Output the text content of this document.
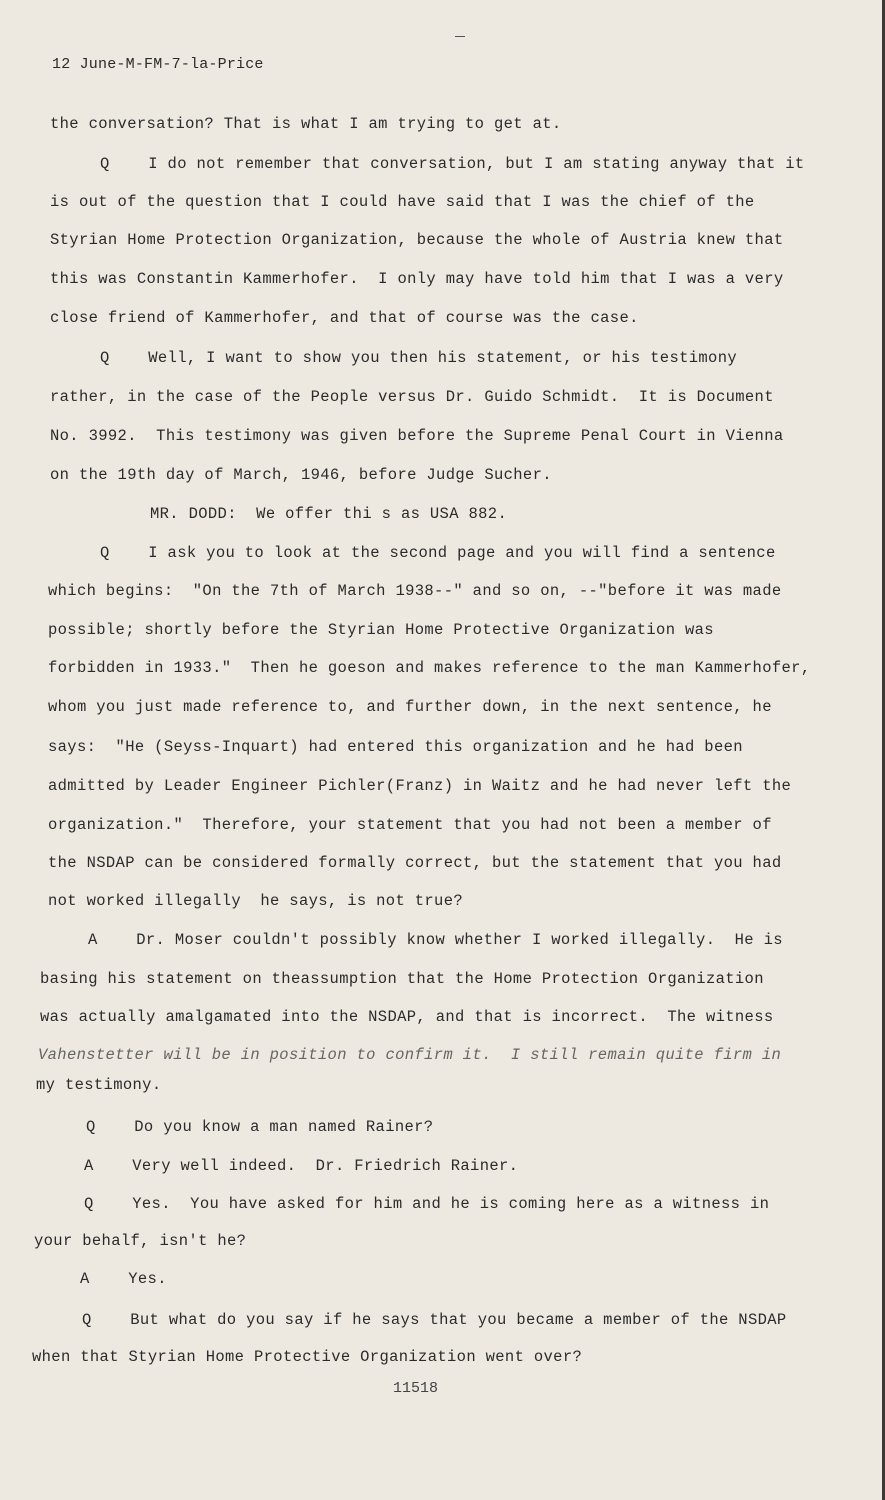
12 June-M-FM-7-la-Price
the conversation? That is what I am trying to get at.
Q    I do not remember that conversation, but I am stating anyway that it
is out of the question that I could have said that I was the chief of the
Styrian Home Protection Organization, because the whole of Austria knew that
this was Constantin Kammerhofer.  I only may have told him that I was a very
close friend of Kammerhofer, and that of course was the case.
Q    Well, I want to show you then his statement, or his testimony
rather, in the case of the People versus Dr. Guido Schmidt.  It is Document
No. 3992.  This testimony was given before the Supreme Penal Court in Vienna
on the 19th day of March, 1946, before Judge Sucher.
MR. DODD:  We offer thi s as USA 882.
Q    I ask you to look at the second page and you will find a sentence
which begins:  "On the 7th of March 1938--" and so on, --"before it was made
possible; shortly before the Styrian Home Protective Organization was
forbidden in 1933."  Then he goeson and makes reference to the man Kammerhofer,
whom you just made reference to, and further down, in the next sentence, he
says:  "He (Seyss-Inquart) had entered this organization and he had been
admitted by Leader Engineer Pichler(Franz) in Waitz and he had never left the
organization."  Therefore, your statement that you had not been a member of
the NSDAP can be considered formally correct, but the statement that you had
not worked illegally  he says, is not true?
A    Dr. Moser couldn't possibly know whether I worked illegally.  He is
basing his statement on theassumption that the Home Protection Organization
was actually amalgamated into the NSDAP, and that is incorrect.  The witness
Vahenstetter will be in position to confirm it.  I still remain quite firm in
my testimony.
Q    Do you know a man named Rainer?
A    Very well indeed.  Dr. Friedrich Rainer.
Q    Yes.  You have asked for him and he is coming here as a witness in
your behalf, isn't he?
A    Yes.
Q    But what do you say if he says that you became a member of the NSDAP
when that Styrian Home Protective Organization went over?
11518
